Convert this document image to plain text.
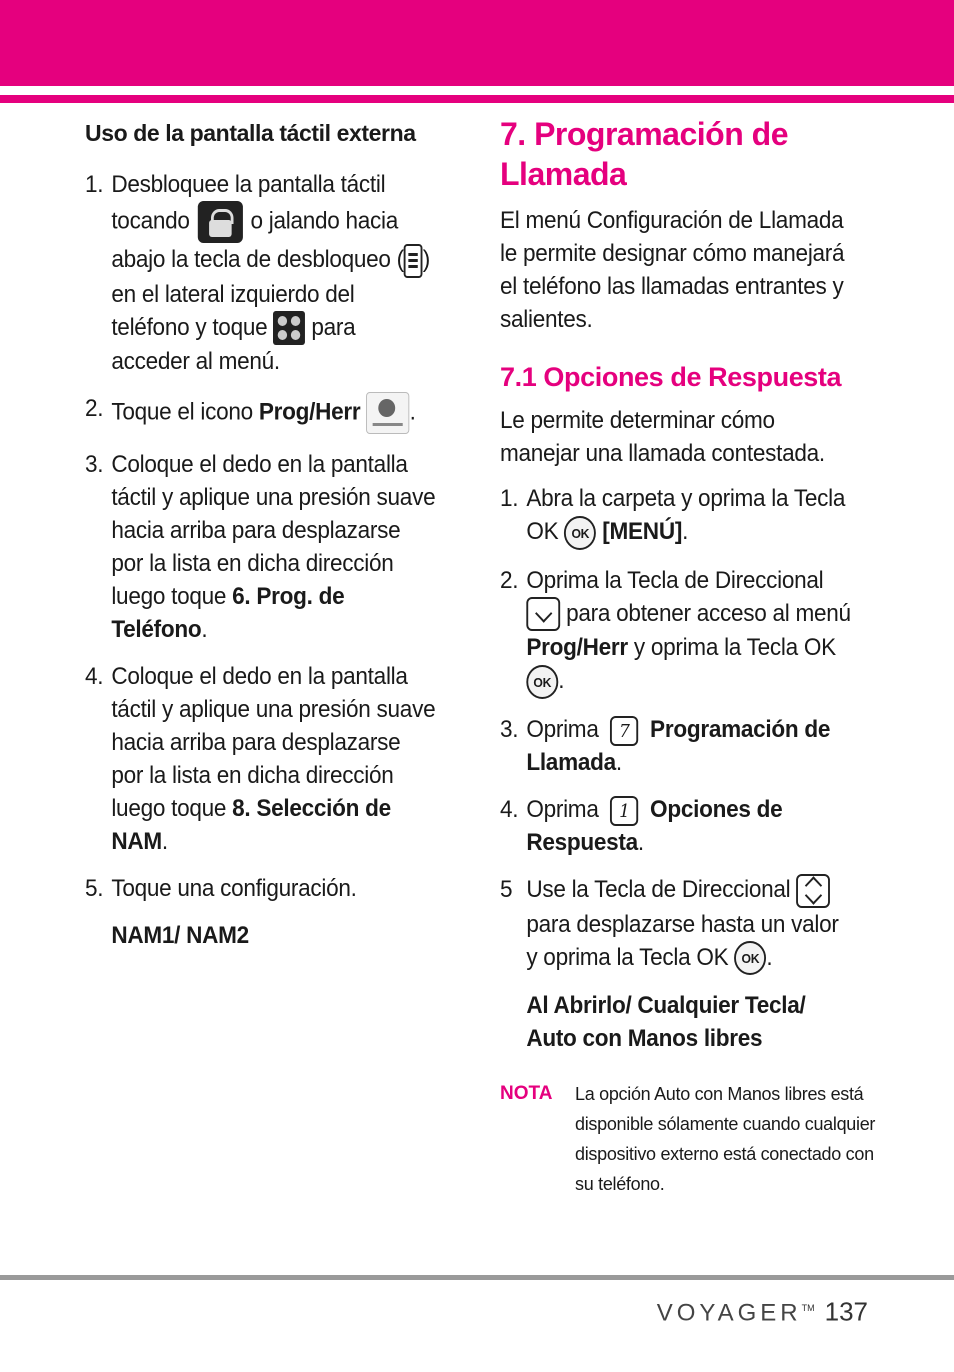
Uso de la pantalla táctil externa
1. Desbloquee la pantalla táctil tocando	o jalando hacia abajo la tecla de desbloqueo ( ) en el lateral izquierdo del teléfono y toque para acceder al menú.
2. Toque el icono Prog/Herr .
3. Coloque el dedo en la pantalla táctil y aplique una presión suave hacia arriba para desplazarse por la lista en dicha dirección luego toque 6. Prog. de Teléfono.
4. Coloque el dedo en la pantalla táctil y aplique una presión suave hacia arriba para desplazarse por la lista en dicha dirección luego toque 8. Selección de NAM.
5. Toque una configuración.
NAM1/ NAM2
7. Programación de Llamada
El menú Configuración de Llamada le permite designar cómo manejará el teléfono las llamadas entrantes y salientes.
7.1 Opciones de Respuesta
Le permite determinar cómo manejar una llamada contestada.
1. Abra la carpeta y oprima la Tecla OK OK [MENÚ].
2. Oprima la Tecla de Direccional
para obtener acceso al menú Prog/Herr y oprima la Tecla OK OK .
3. Oprima 7 Programación de Llamada.
4. Oprima 1 Opciones de Respuesta.
5 Use la Tecla de Direccional
para desplazarse hasta un valor y oprima la Tecla OK OK .
Al Abrirlo/ Cualquier Tecla/ Auto con Manos libres
NOTA La opción Auto con Manos libres está disponible sólamente cuando cualquier dispositivo externo está conectado con su teléfono.
VOYAGER™ 137
